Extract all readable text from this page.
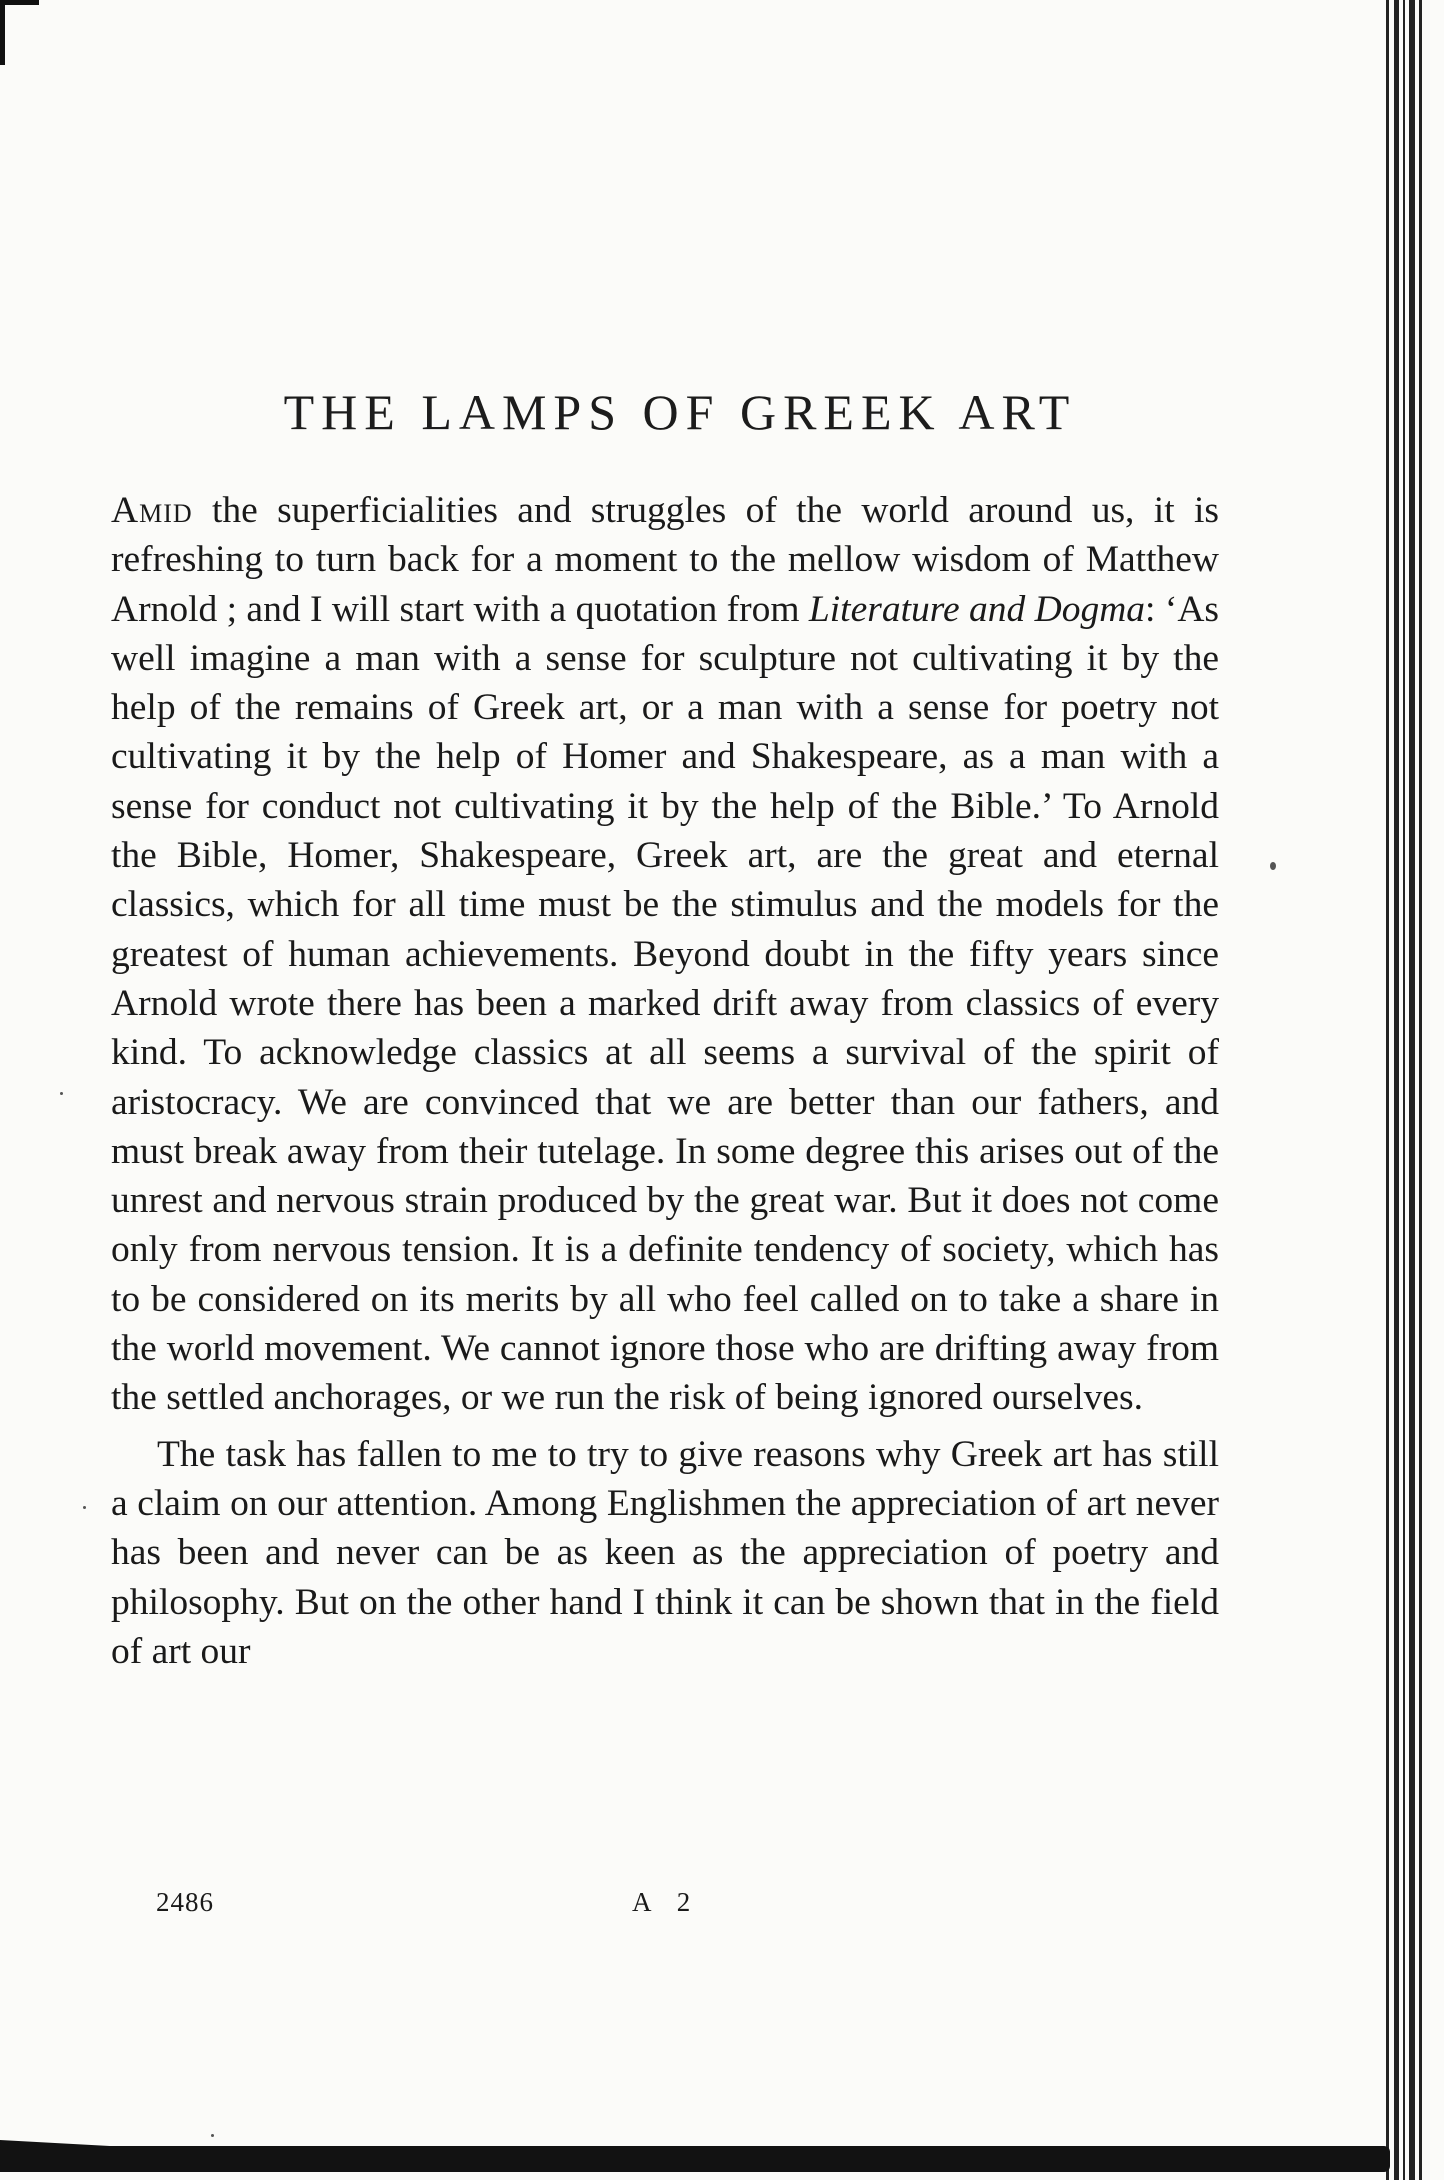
THE LAMPS OF GREEK ART

Amid the superficialities and struggles of the world around us, it is refreshing to turn back for a moment to the mellow wisdom of Matthew Arnold ; and I will start with a quotation from Literature and Dogma: ‘As well imagine a man with a sense for sculpture not cultivating it by the help of the remains of Greek art, or a man with a sense for poetry not cultivating it by the help of Homer and Shakespeare, as a man with a sense for conduct not cultivating it by the help of the Bible.’ To Arnold the Bible, Homer, Shakespeare, Greek art, are the great and eternal classics, which for all time must be the stimulus and the models for the greatest of human achievements. Beyond doubt in the fifty years since Arnold wrote there has been a marked drift away from classics of every kind. To acknowledge classics at all seems a survival of the spirit of aristocracy. We are convinced that we are better than our fathers, and must break away from their tutelage. In some degree this arises out of the unrest and nervous strain produced by the great war. But it does not come only from nervous tension. It is a definite tendency of society, which has to be considered on its merits by all who feel called on to take a share in the world movement. We cannot ignore those who are drifting away from the settled anchorages, or we run the risk of being ignored ourselves.

The task has fallen to me to try to give reasons why Greek art has still a claim on our attention. Among Englishmen the appreciation of art never has been and never can be as keen as the appreciation of poetry and philosophy. But on the other hand I think it can be shown that in the field of art our

2486	A 2
